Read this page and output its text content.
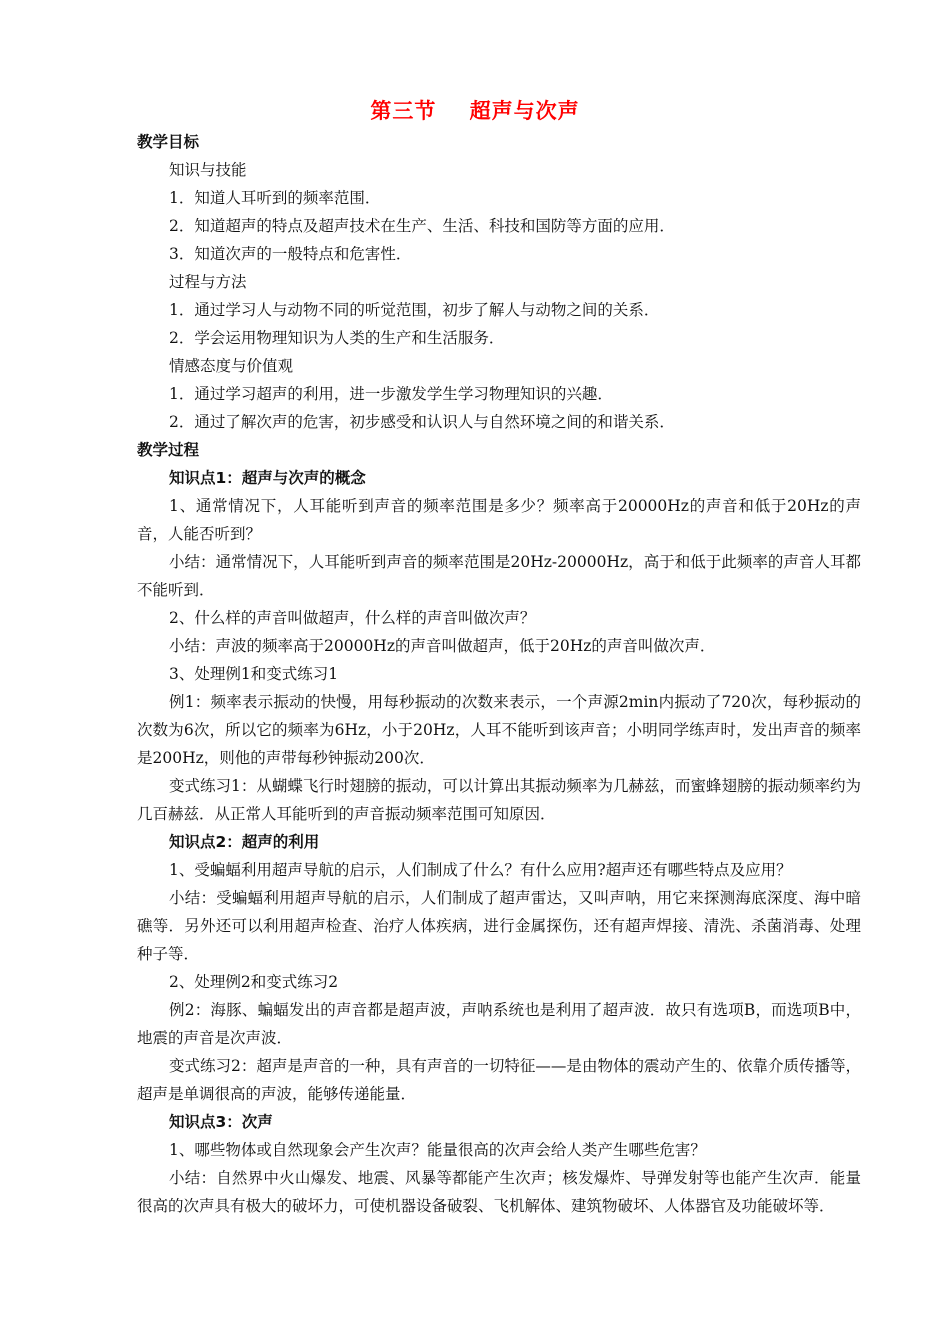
第三节    超声与次声
教学目标
知识与技能
1．知道人耳听到的频率范围．
2．知道超声的特点及超声技术在生产、生活、科技和国防等方面的应用．
3．知道次声的一般特点和危害性．
过程与方法
1．通过学习人与动物不同的听觉范围，初步了解人与动物之间的关系．
2．学会运用物理知识为人类的生产和生活服务．
情感态度与价值观
1．通过学习超声的利用，进一步激发学生学习物理知识的兴趣．
2．通过了解次声的危害，初步感受和认识人与自然环境之间的和谐关系．
教学过程
知识点1：超声与次声的概念
1、通常情况下，人耳能听到声音的频率范围是多少？频率高于20000Hz的声音和低于20Hz的声音，人能否听到？
小结：通常情况下，人耳能听到声音的频率范围是20Hz-20000Hz，高于和低于此频率的声音人耳都不能听到．
2、什么样的声音叫做超声，什么样的声音叫做次声？
小结：声波的频率高于20000Hz的声音叫做超声，低于20Hz的声音叫做次声．
3、处理例1和变式练习1
例1：频率表示振动的快慢，用每秒振动的次数来表示，一个声源2min内振动了720次，每秒振动的次数为6次，所以它的频率为6Hz，小于20Hz，人耳不能听到该声音；小明同学练声时，发出声音的频率是200Hz，则他的声带每秒钟振动200次．
变式练习1：从蝴蝶飞行时翅膀的振动，可以计算出其振动频率为几赫兹，而蜜蜂翅膀的振动频率约为几百赫兹．从正常人耳能听到的声音振动频率范围可知原因．
知识点2：超声的利用
1、受蝙蝠利用超声导航的启示，人们制成了什么？有什么应用?超声还有哪些特点及应用？
小结：受蝙蝠利用超声导航的启示，人们制成了超声雷达，又叫声呐，用它来探测海底深度、海中暗礁等．另外还可以利用超声检查、治疗人体疾病，进行金属探伤，还有超声焊接、清洗、杀菌消毒、处理种子等．
2、处理例2和变式练习2
例2：海豚、蝙蝠发出的声音都是超声波，声呐系统也是利用了超声波．故只有选项B，而选项B中，地震的声音是次声波．
变式练习2：超声是声音的一种，具有声音的一切特征——是由物体的震动产生的、依靠介质传播等，超声是单调很高的声波，能够传递能量．
知识点3：次声
1、哪些物体或自然现象会产生次声？能量很高的次声会给人类产生哪些危害？
小结：自然界中火山爆发、地震、风暴等都能产生次声；核发爆炸、导弹发射等也能产生次声．能量很高的次声具有极大的破坏力，可使机器设备破裂、飞机解体、建筑物破坏、人体器官及功能破坏等．
